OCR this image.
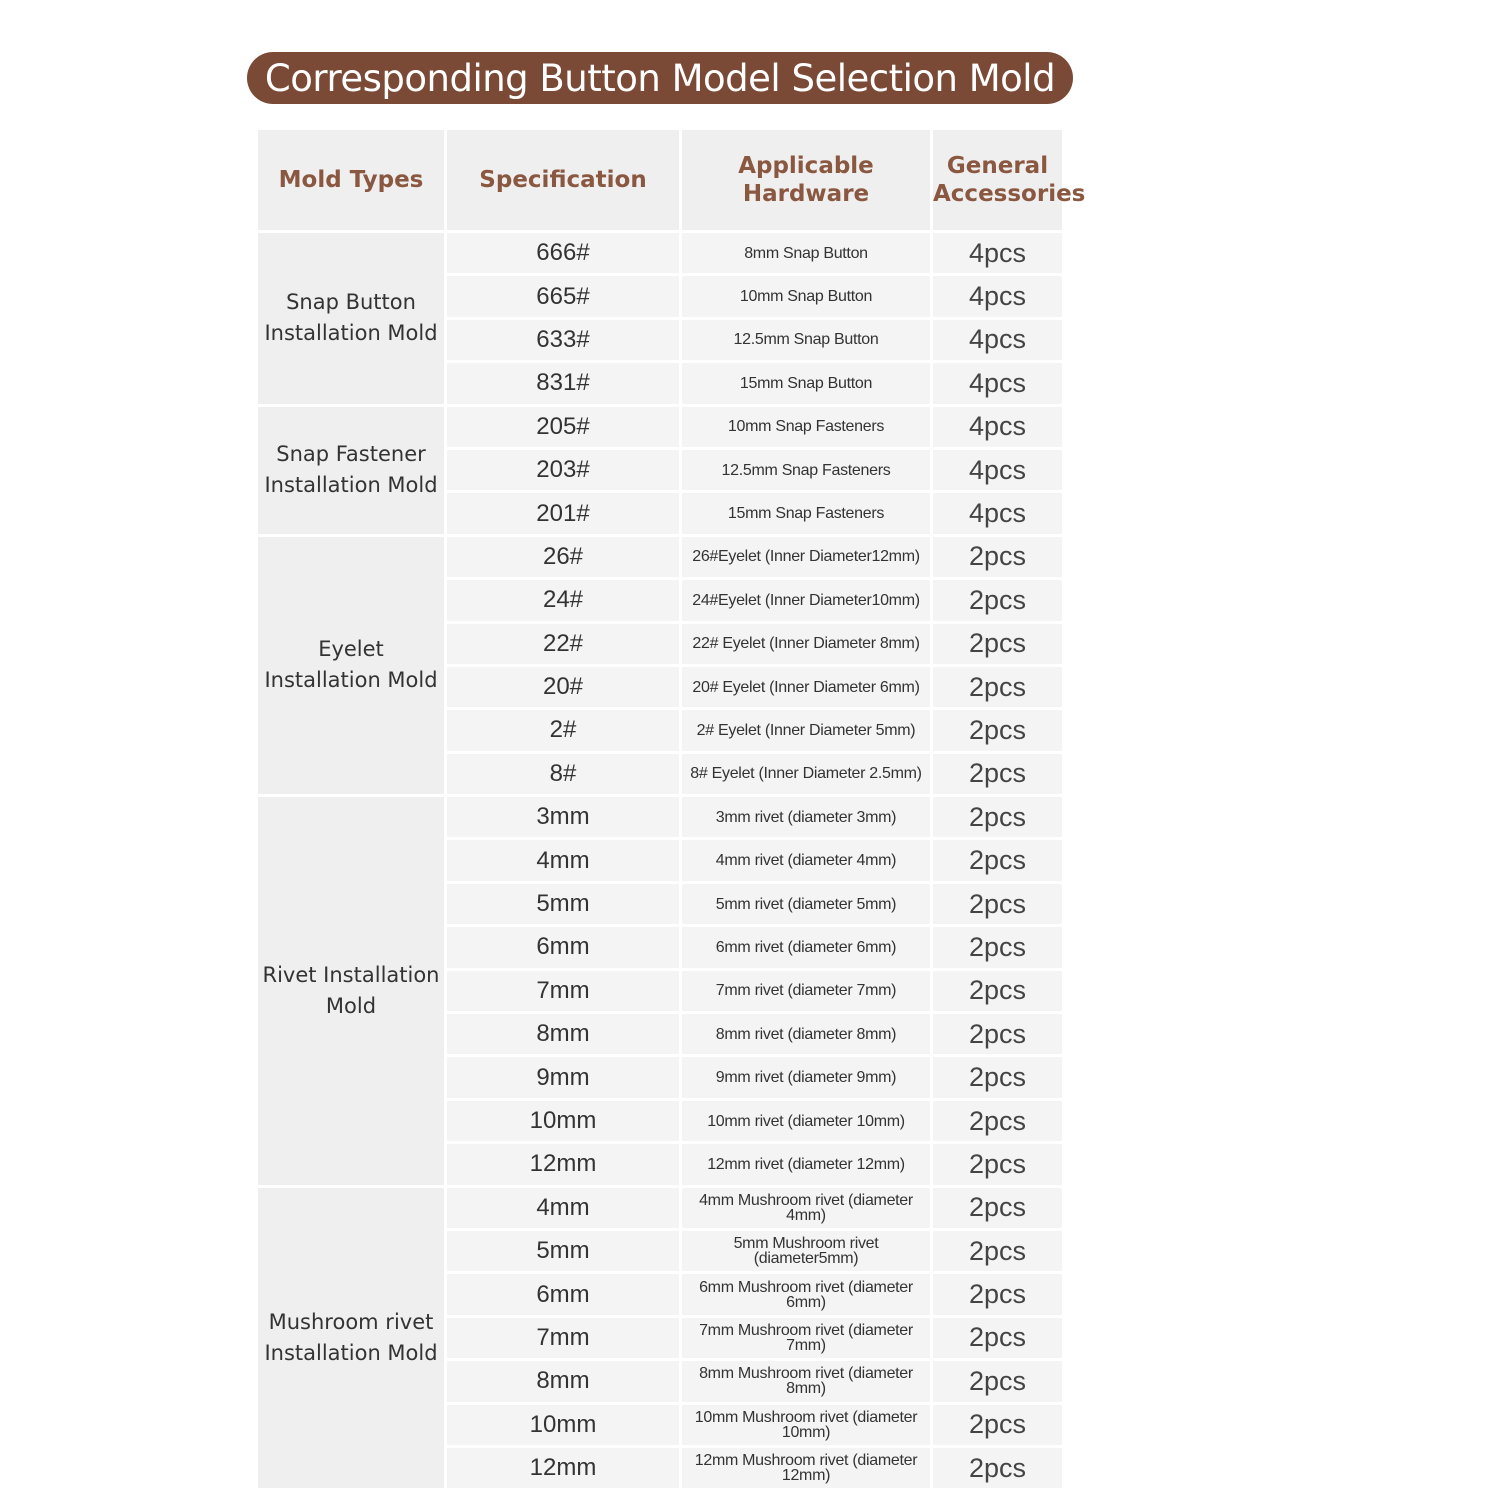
Corresponding Button Model Selection Mold
Mold Types	Specification	Applicable Hardware	General Accessories
Snap Button Installation Mold	666#	8mm Snap Button	4pcs
	665#	10mm Snap Button	4pcs
	633#	12.5mm Snap Button	4pcs
	831#	15mm Snap Button	4pcs
Snap Fastener Installation Mold	205#	10mm Snap Fasteners	4pcs
	203#	12.5mm Snap Fasteners	4pcs
	201#	15mm Snap Fasteners	4pcs
Eyelet Installation Mold	26#	26#Eyelet (Inner Diameter12mm)	2pcs
	24#	24#Eyelet (Inner Diameter10mm)	2pcs
	22#	22# Eyelet (Inner Diameter 8mm)	2pcs
	20#	20# Eyelet (Inner Diameter 6mm)	2pcs
	2#	2# Eyelet (Inner Diameter 5mm)	2pcs
	8#	8# Eyelet (Inner Diameter 2.5mm)	2pcs
Rivet Installation Mold	3mm	3mm rivet (diameter 3mm)	2pcs
	4mm	4mm rivet (diameter 4mm)	2pcs
	5mm	5mm rivet (diameter 5mm)	2pcs
	6mm	6mm rivet (diameter 6mm)	2pcs
	7mm	7mm rivet (diameter 7mm)	2pcs
	8mm	8mm rivet (diameter 8mm)	2pcs
	9mm	9mm rivet (diameter 9mm)	2pcs
	10mm	10mm rivet (diameter 10mm)	2pcs
	12mm	12mm rivet (diameter 12mm)	2pcs
Mushroom rivet Installation Mold	4mm	4mm Mushroom rivet (diameter 4mm)	2pcs
	5mm	5mm Mushroom rivet (diameter5mm)	2pcs
	6mm	6mm Mushroom rivet (diameter 6mm)	2pcs
	7mm	7mm Mushroom rivet (diameter 7mm)	2pcs
	8mm	8mm Mushroom rivet (diameter 8mm)	2pcs
	10mm	10mm Mushroom rivet (diameter 10mm)	2pcs
	12mm	12mm Mushroom rivet (diameter 12mm)	2pcs
